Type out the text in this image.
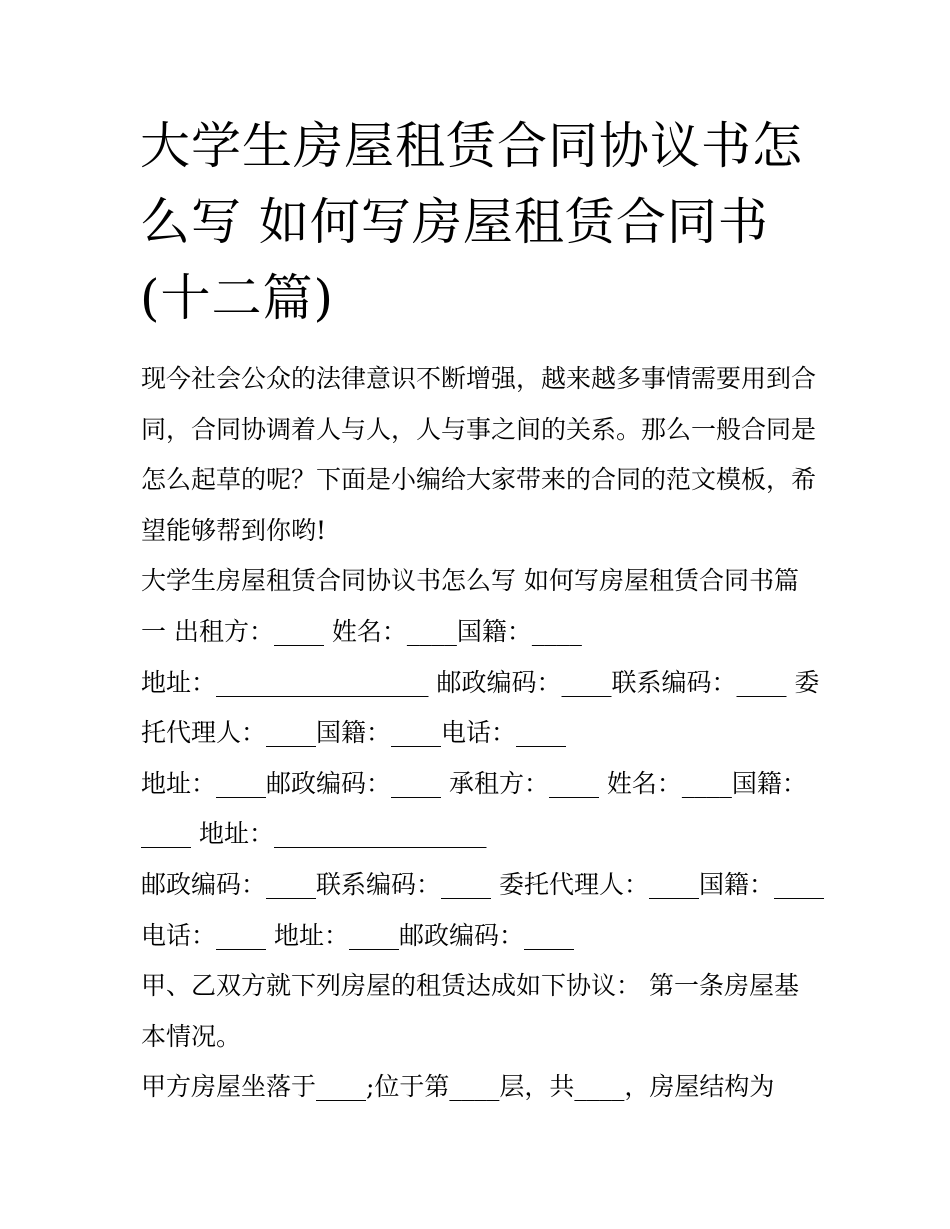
大学生房屋租赁合同协议书怎
么写 如何写房屋租赁合同书
(十二篇)
现今社会公众的法律意识不断增强，越来越多事情需要用到合
同，合同协调着人与人，人与事之间的关系。那么一般合同是
怎么起草的呢？下面是小编给大家带来的合同的范文模板，希
望能够帮到你哟!
大学生房屋租赁合同协议书怎么写 如何写房屋租赁合同书篇
一 出租方：____ 姓名：____国籍：____
地址：_________________ 邮政编码：____联系编码：____ 委
托代理人：____国籍：____电话：____
地址：____邮政编码：____ 承租方：____ 姓名：____国籍：
____ 地址：_________________
邮政编码：____联系编码：____ 委托代理人：____国籍：____
电话：____ 地址：____邮政编码：____
甲、乙双方就下列房屋的租赁达成如下协议： 第一条房屋基
本情况。
甲方房屋坐落于____;位于第____层，共____，房屋结构为
